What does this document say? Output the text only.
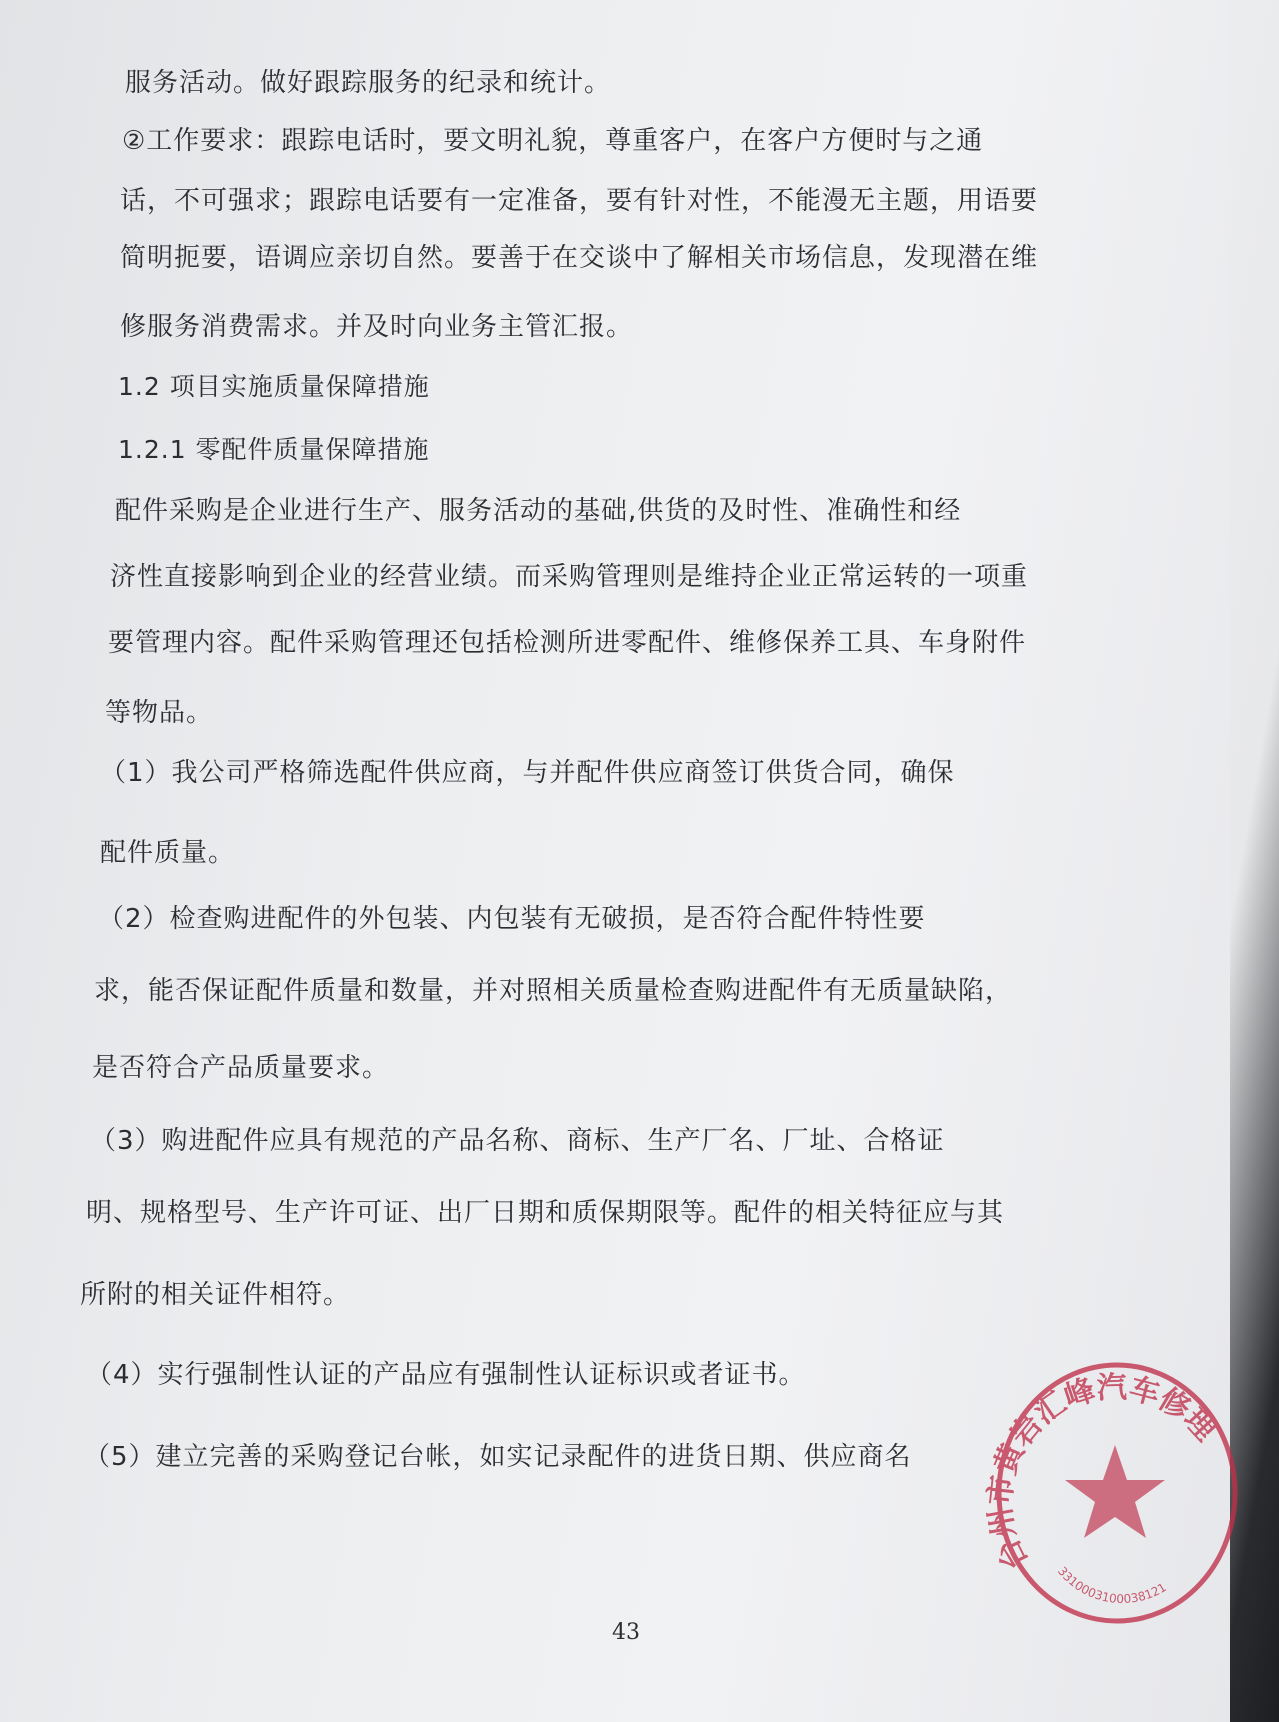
服务活动。做好跟踪服务的纪录和统计。
②工作要求：跟踪电话时，要文明礼貌，尊重客户，在客户方便时与之通
话，不可强求；跟踪电话要有一定准备，要有针对性，不能漫无主题，用语要
简明扼要，语调应亲切自然。要善于在交谈中了解相关市场信息，发现潜在维
修服务消费需求。并及时向业务主管汇报。
1.2 项目实施质量保障措施
1.2.1 零配件质量保障措施
配件采购是企业进行生产、服务活动的基础,供货的及时性、准确性和经
济性直接影响到企业的经营业绩。而采购管理则是维持企业正常运转的一项重
要管理内容。配件采购管理还包括检测所进零配件、维修保养工具、车身附件
等物品。
（1）我公司严格筛选配件供应商，与并配件供应商签订供货合同，确保
配件质量。
（2）检查购进配件的外包装、内包装有无破损，是否符合配件特性要
求，能否保证配件质量和数量，并对照相关质量检查购进配件有无质量缺陷，
是否符合产品质量要求。
（3）购进配件应具有规范的产品名称、商标、生产厂名、厂址、合格证
明、规格型号、生产许可证、出厂日期和质保期限等。配件的相关特征应与其
所附的相关证件相符。
（4）实行强制性认证的产品应有强制性认证标识或者证书。
（5）建立完善的采购登记台帐，如实记录配件的进货日期、供应商名
43
台州市黄岩汇峰汽车修理
3310003100038121
